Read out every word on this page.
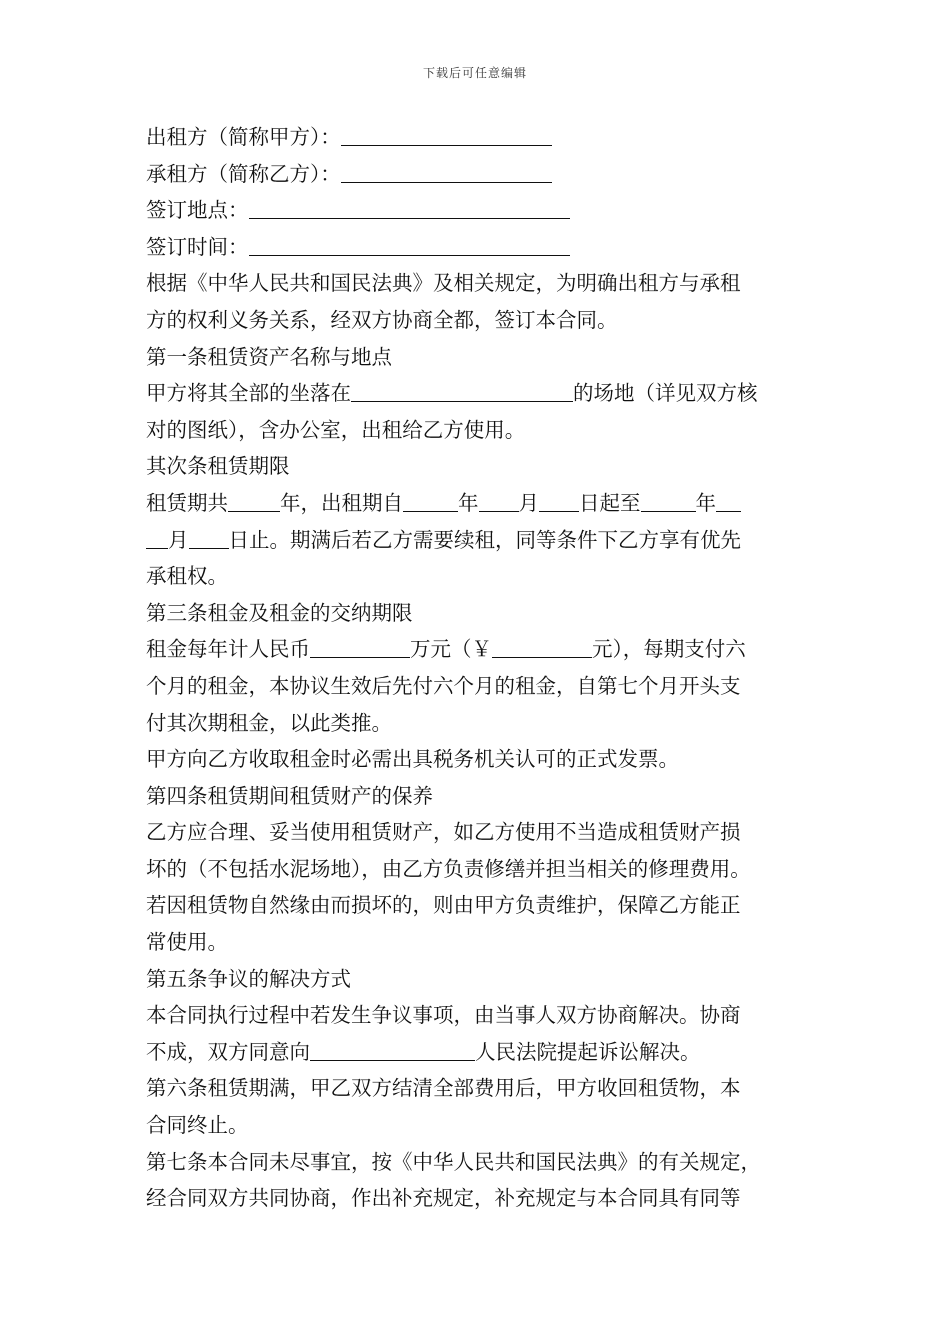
下载后可任意编辑
出租方（简称甲方）：
承租方（简称乙方）：
签订地点：
签订时间：
根据《中华人民共和国民法典》及相关规定，为明确出租方与承租
方的权利义务关系，经双方协商全都，签订本合同。
第一条租赁资产名称与地点
甲方将其全部的坐落在	的场地（详见双方核
对的图纸），含办公室，出租给乙方使用。
其次条租赁期限
租赁期共	年，出租期自	年 月 日起至	年
月 日止。期满后若乙方需要续租，同等条件下乙方享有优先
承租权。
第三条租金及租金的交纳期限
租金每年计人民币	万元（￥	元），每期支付六
个月的租金，本协议生效后先付六个月的租金，自第七个月开头支
付其次期租金，以此类推。
甲方向乙方收取租金时必需出具税务机关认可的正式发票。
第四条租赁期间租赁财产的保养
乙方应合理、妥当使用租赁财产，如乙方使用不当造成租赁财产损
坏的（不包括水泥场地），由乙方负责修缮并担当相关的修理费用。
若因租赁物自然缘由而损坏的，则由甲方负责维护，保障乙方能正
常使用。
第五条争议的解决方式
本合同执行过程中若发生争议事项，由当事人双方协商解决。协商
不成，双方同意向	人民法院提起诉讼解决。
第六条租赁期满，甲乙双方结清全部费用后，甲方收回租赁物，本
合同终止。
第七条本合同未尽事宜，按《中华人民共和国民法典》的有关规定，
经合同双方共同协商，作出补充规定，补充规定与本合同具有同等
